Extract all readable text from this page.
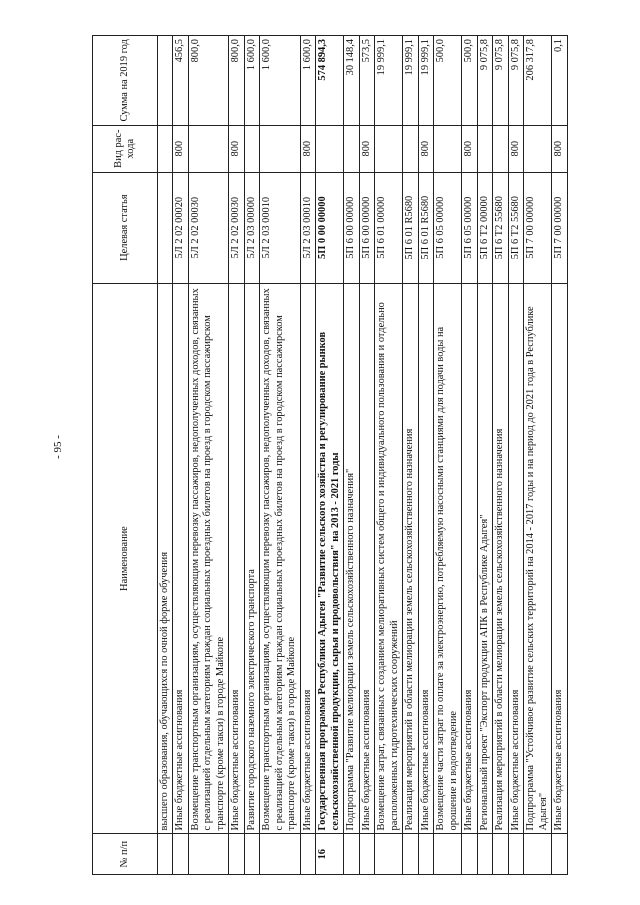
- 95 -
№ п/п	Наименование	Целевая статья	Вид рас-хода	Сумма на 2019 год
	высшего образования, обучающихся по очной форме обучения			
	Иные бюджетные ассигнования	5Л 2 02 00020	800	456,5
	Возмещение транспортным организациям, осуществляющим перевозку пассажиров, недополученных доходов, связанных с реализацией отдельным категориям граждан социальных проездных билетов на проезд в городском пассажирском транспорте (кроме такси) в городе Майкопе	5Л 2 02 00030		800,0
	Иные бюджетные ассигнования	5Л 2 02 00030	800	800,0
	Развитие городского наземного электрического транспорта	5Л 2 03 00000		1 600,0
	Возмещение транспортным организациям, осуществляющим перевозку пассажиров, недополученных доходов, связанных с реализацией отдельным категориям граждан социальных проездных билетов на проезд в городском пассажирском транспорте (кроме такси) в городе Майкопе	5Л 2 03 00010		1 600,0
	Иные бюджетные ассигнования	5Л 2 03 00010	800	1 600,0
16	Государственная программа Республики Адыгея "Развитие сельского хозяйства и регулирование рынков сельскохозяйственной продукции, сырья и продовольствия" на 2013 - 2021 годы	5П 0 00 00000		574 894,3
	Подпрограмма "Развитие мелиорации земель сельскохозяйственного назначения"	5П 6 00 00000		30 148,4
	Иные бюджетные ассигнования	5П 6 00 00000	800	573,5
	Возмещение затрат, связанных с созданием мелиоративных систем общего и индивидуального пользования и отдельно расположенных гидротехнических сооружений	5П 6 01 00000		19 999,1
	Реализация мероприятий в области мелиорации земель сельскохозяйственного назначения	5П 6 01 R5680		19 999,1
	Иные бюджетные ассигнования	5П 6 01 R5680	800	19 999,1
	Возмещение части затрат по оплате за электроэнергию, потребляемую насосными станциями для подачи воды на орошение и водоотведение	5П 6 05 00000		500,0
	Иные бюджетные ассигнования	5П 6 05 00000	800	500,0
	Региональный проект "Экспорт продукции АПК в Республике Адыгея"	5П 6 T2 00000		9 075,8
	Реализация мероприятий в области мелиорации земель сельскохозяйственного назначения	5П 6 T2 55680		9 075,8
	Иные бюджетные ассигнования	5П 6 T2 55680	800	9 075,8
	Подпрограмма "Устойчивое развитие сельских территорий на 2014 - 2017 годы и на период до 2021 года в Республике Адыгея"	5П 7 00 00000		206 317,8
	Иные бюджетные ассигнования	5П 7 00 00000	800	0,1
